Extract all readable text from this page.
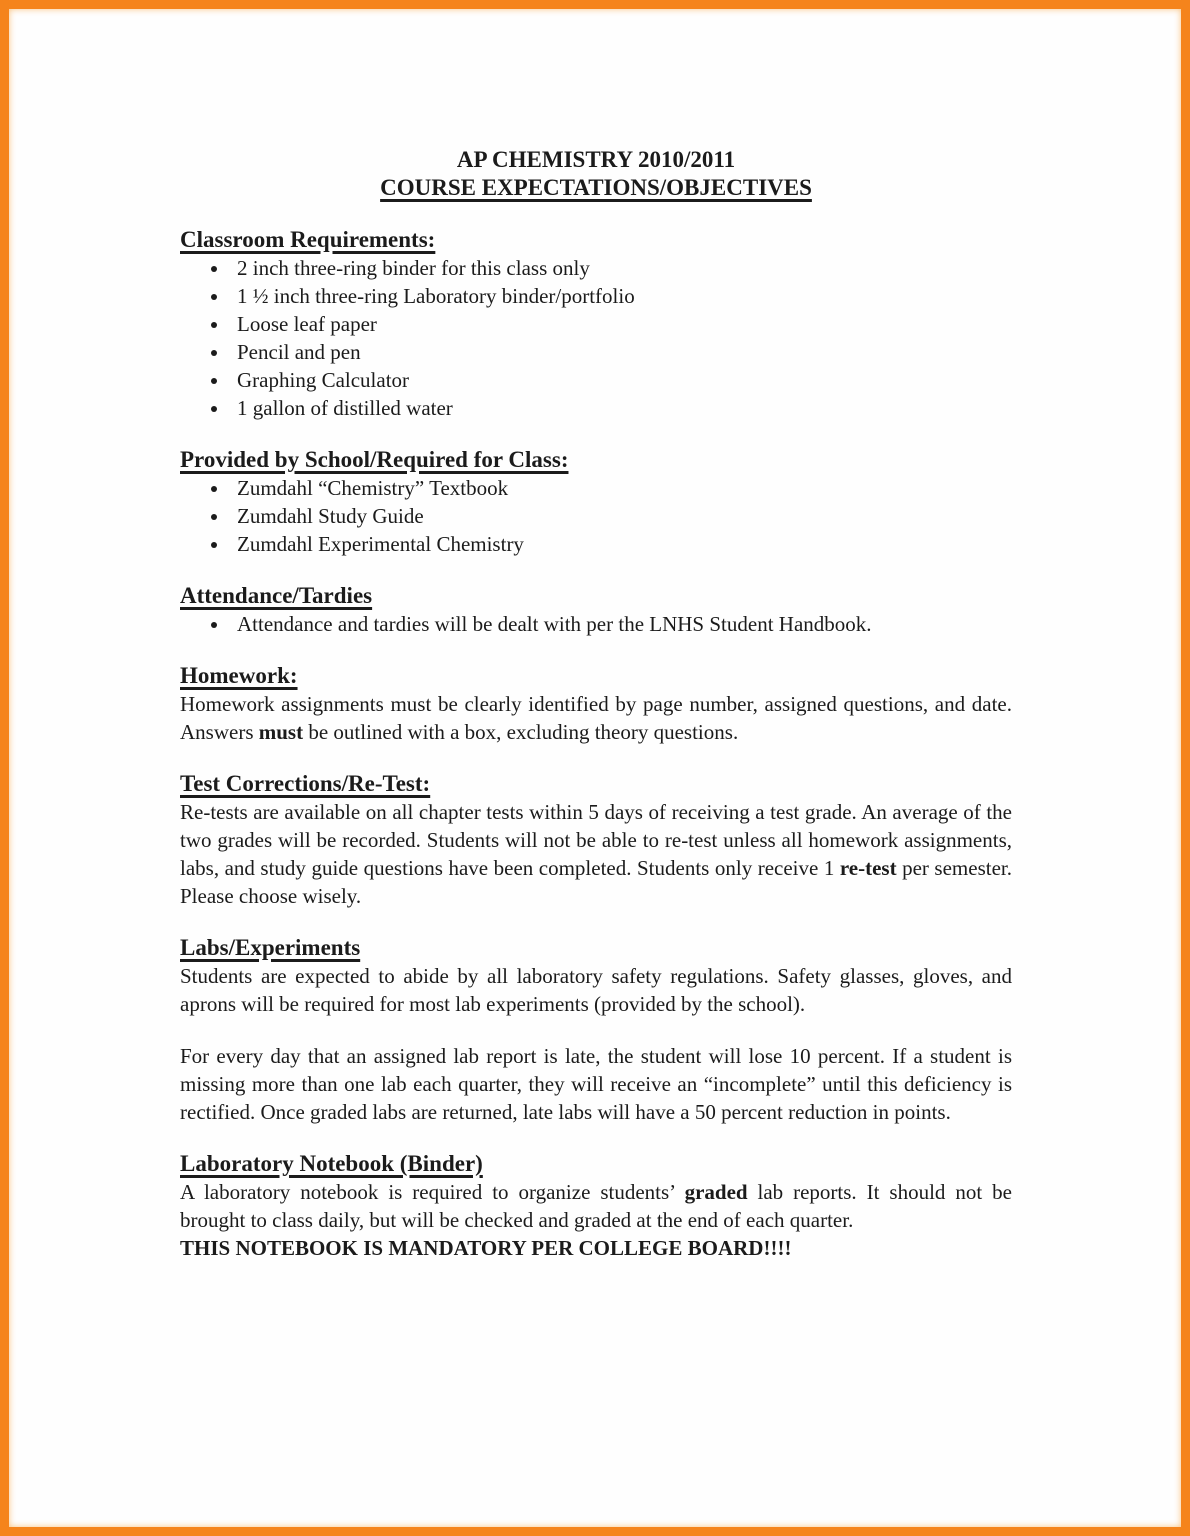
AP CHEMISTRY 2010/2011
COURSE EXPECTATIONS/OBJECTIVES
Classroom Requirements:
• 2 inch three-ring binder for this class only
• 1 ½ inch three-ring Laboratory binder/portfolio
• Loose leaf paper
• Pencil and pen
• Graphing Calculator
• 1 gallon of distilled water
Provided by School/Required for Class:
• Zumdahl “Chemistry” Textbook
• Zumdahl Study Guide
• Zumdahl Experimental Chemistry
Attendance/Tardies
• Attendance and tardies will be dealt with per the LNHS Student Handbook.
Homework:

Homework assignments must be clearly identified by page number, assigned questions, and date. Answers must be outlined with a box, excluding theory questions.

Test Corrections/Re-Test:

Re-tests are available on all chapter tests within 5 days of receiving a test grade. An average of the two grades will be recorded. Students will not be able to re-test unless all homework assignments, labs, and study guide questions have been completed. Students only receive 1 re-test per semester. Please choose wisely.

Labs/Experiments

Students are expected to abide by all laboratory safety regulations. Safety glasses, gloves, and aprons will be required for most lab experiments (provided by the school).

For every day that an assigned lab report is late, the student will lose 10 percent. If a student is missing more than one lab each quarter, they will receive an “incomplete” until this deficiency is rectified. Once graded labs are returned, late labs will have a 50 percent reduction in points.

Laboratory Notebook (Binder)

A laboratory notebook is required to organize students’ graded lab reports. It should not be brought to class daily, but will be checked and graded at the end of each quarter.
THIS NOTEBOOK IS MANDATORY PER COLLEGE BOARD!!!!
